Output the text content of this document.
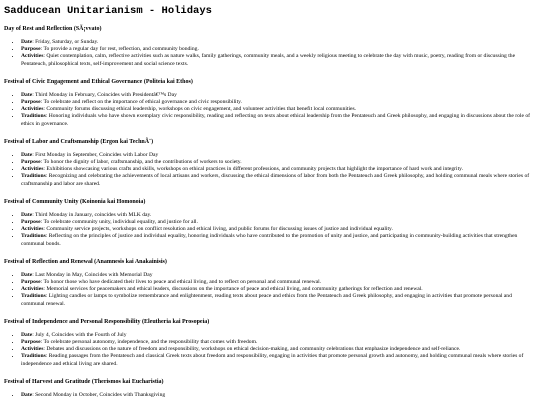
Sadducean Unitarianism - Holidays
Day of Rest and Reflection (SÃ¡vvato)
• Date: Friday, Saturday, or Sunday.
• Purpose: To provide a regular day for rest, reflection, and community bonding.
• Activities: Quiet contemplation, calm, reflective activities such as nature walks, family gatherings, community meals, and a weekly religious meeting to celebrate the day with music, poetry, reading from or discussing the Pentateuch, philosophical texts, self-improvement and social science texts.
Festival of Civic Engagement and Ethical Governance (Politeia kai Ethos)
• Date: Third Monday in February, Coincides with Presidentâ€™s Day
• Purpose: To celebrate and reflect on the importance of ethical governance and civic responsibility.
• Activities: Community forums discussing ethical leadership, workshops on civic engagement, and volunteer activities that benefit local communities.
• Traditions: Honoring individuals who have shown exemplary civic responsibility, reading and reflecting on texts about ethical leadership from the Pentateuch and Greek philosophy, and engaging in discussions about the role of ethics in governance.
Festival of Labor and Craftsmanship (Ergon kai TechnÃ¨)
• Date: First Monday in September, Coincides with Labor Day
• Purpose: To honor the dignity of labor, craftsmanship, and the contributions of workers to society.
• Activities: Exhibitions showcasing various crafts and skills, workshops on ethical practices in different professions, and community projects that highlight the importance of hard work and integrity.
• Traditions: Recognizing and celebrating the achievements of local artisans and workers, discussing the ethical dimensions of labor from both the Pentateuch and Greek philosophy, and holding communal meals where stories of craftsmanship and labor are shared.
Festival of Community Unity (Koinonia kai Homonoia)
• Date: Third Monday in January, coincides with MLK day.
• Purpose: To celebrate community unity, individual equality, and justice for all.
• Activities: Community service projects, workshops on conflict resolution and ethical living, and public forums for discussing issues of justice and individual equality.
• Traditions: Reflecting on the principles of justice and individual equality, honoring individuals who have contributed to the promotion of unity and justice, and participating in community-building activities that strengthen communal bonds.
Festival of Reflection and Renewal (Anamnesis kai Anakainisis)
• Date: Last Monday in May, Coincides with Memorial Day
• Purpose: To honor those who have dedicated their lives to peace and ethical living, and to reflect on personal and communal renewal.
• Activities: Memorial services for peacemakers and ethical leaders, discussions on the importance of peace and ethical living, and community gatherings for reflection and renewal.
• Traditions: Lighting candles or lamps to symbolize remembrance and enlightenment, reading texts about peace and ethics from the Pentateuch and Greek philosophy, and engaging in activities that promote personal and communal renewal.
Festival of Independence and Personal Responsibility (Eleutheria kai Prosopeia)
• Date: July 4, Coincides with the Fourth of July
• Purpose: To celebrate personal autonomy, independence, and the responsibility that comes with freedom.
• Activities: Debates and discussions on the nature of freedom and responsibility, workshops on ethical decision-making, and community celebrations that emphasize independence and self-reliance.
• Traditions: Reading passages from the Pentateuch and classical Greek texts about freedom and responsibility, engaging in activities that promote personal growth and autonomy, and holding communal meals where stories of independence and ethical living are shared.
Festival of Harvest and Gratitude (Therismos kai Eucharistia)
• Date: Second Monday in October, Coincides with Thanksgiving
